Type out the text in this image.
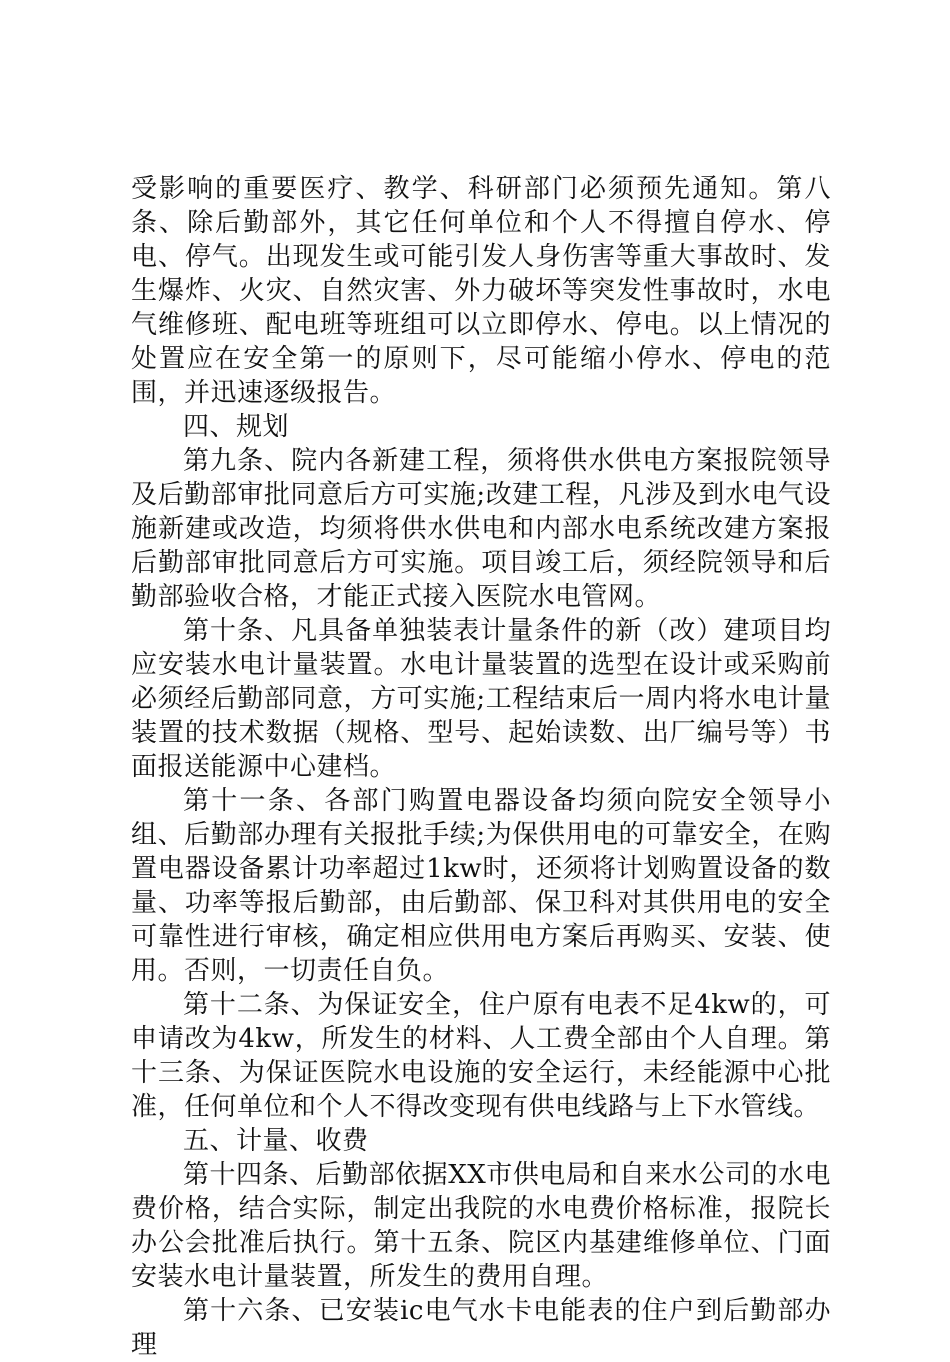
受影响的重要医疗、教学、科研部门必须预先通知。第八条、除后勤部外，其它任何单位和个人不得擅自停水、停电、停气。出现发生或可能引发人身伤害等重大事故时、发生爆炸、火灾、自然灾害、外力破坏等突发性事故时，水电气维修班、配电班等班组可以立即停水、停电。以上情况的处置应在安全第一的原则下，尽可能缩小停水、停电的范围，并迅速逐级报告。

四、规划

第九条、院内各新建工程，须将供水供电方案报院领导及后勤部审批同意后方可实施;改建工程，凡涉及到水电气设施新建或改造，均须将供水供电和内部水电系统改建方案报后勤部审批同意后方可实施。项目竣工后，须经院领导和后勤部验收合格，才能正式接入医院水电管网。

第十条、凡具备单独装表计量条件的新（改）建项目均应安装水电计量装置。水电计量装置的选型在设计或采购前必须经后勤部同意，方可实施;工程结束后一周内将水电计量装置的技术数据（规格、型号、起始读数、出厂编号等）书面报送能源中心建档。

第十一条、各部门购置电器设备均须向院安全领导小组、后勤部办理有关报批手续;为保供用电的可靠安全，在购置电器设备累计功率超过1kw时，还须将计划购置设备的数量、功率等报后勤部，由后勤部、保卫科对其供用电的安全可靠性进行审核，确定相应供用电方案后再购买、安装、使用。否则，一切责任自负。

第十二条、为保证安全，住户原有电表不足4kw的，可申请改为4kw，所发生的材料、人工费全部由个人自理。第十三条、为保证医院水电设施的安全运行，未经能源中心批准，任何单位和个人不得改变现有供电线路与上下水管线。

五、计量、收费

第十四条、后勤部依据XX市供电局和自来水公司的水电费价格，结合实际，制定出我院的水电费价格标准，报院长办公会批准后执行。第十五条、院区内基建维修单位、门面安装水电计量装置，所发生的费用自理。

第十六条、已安装ic电气水卡电能表的住户到后勤部办理
